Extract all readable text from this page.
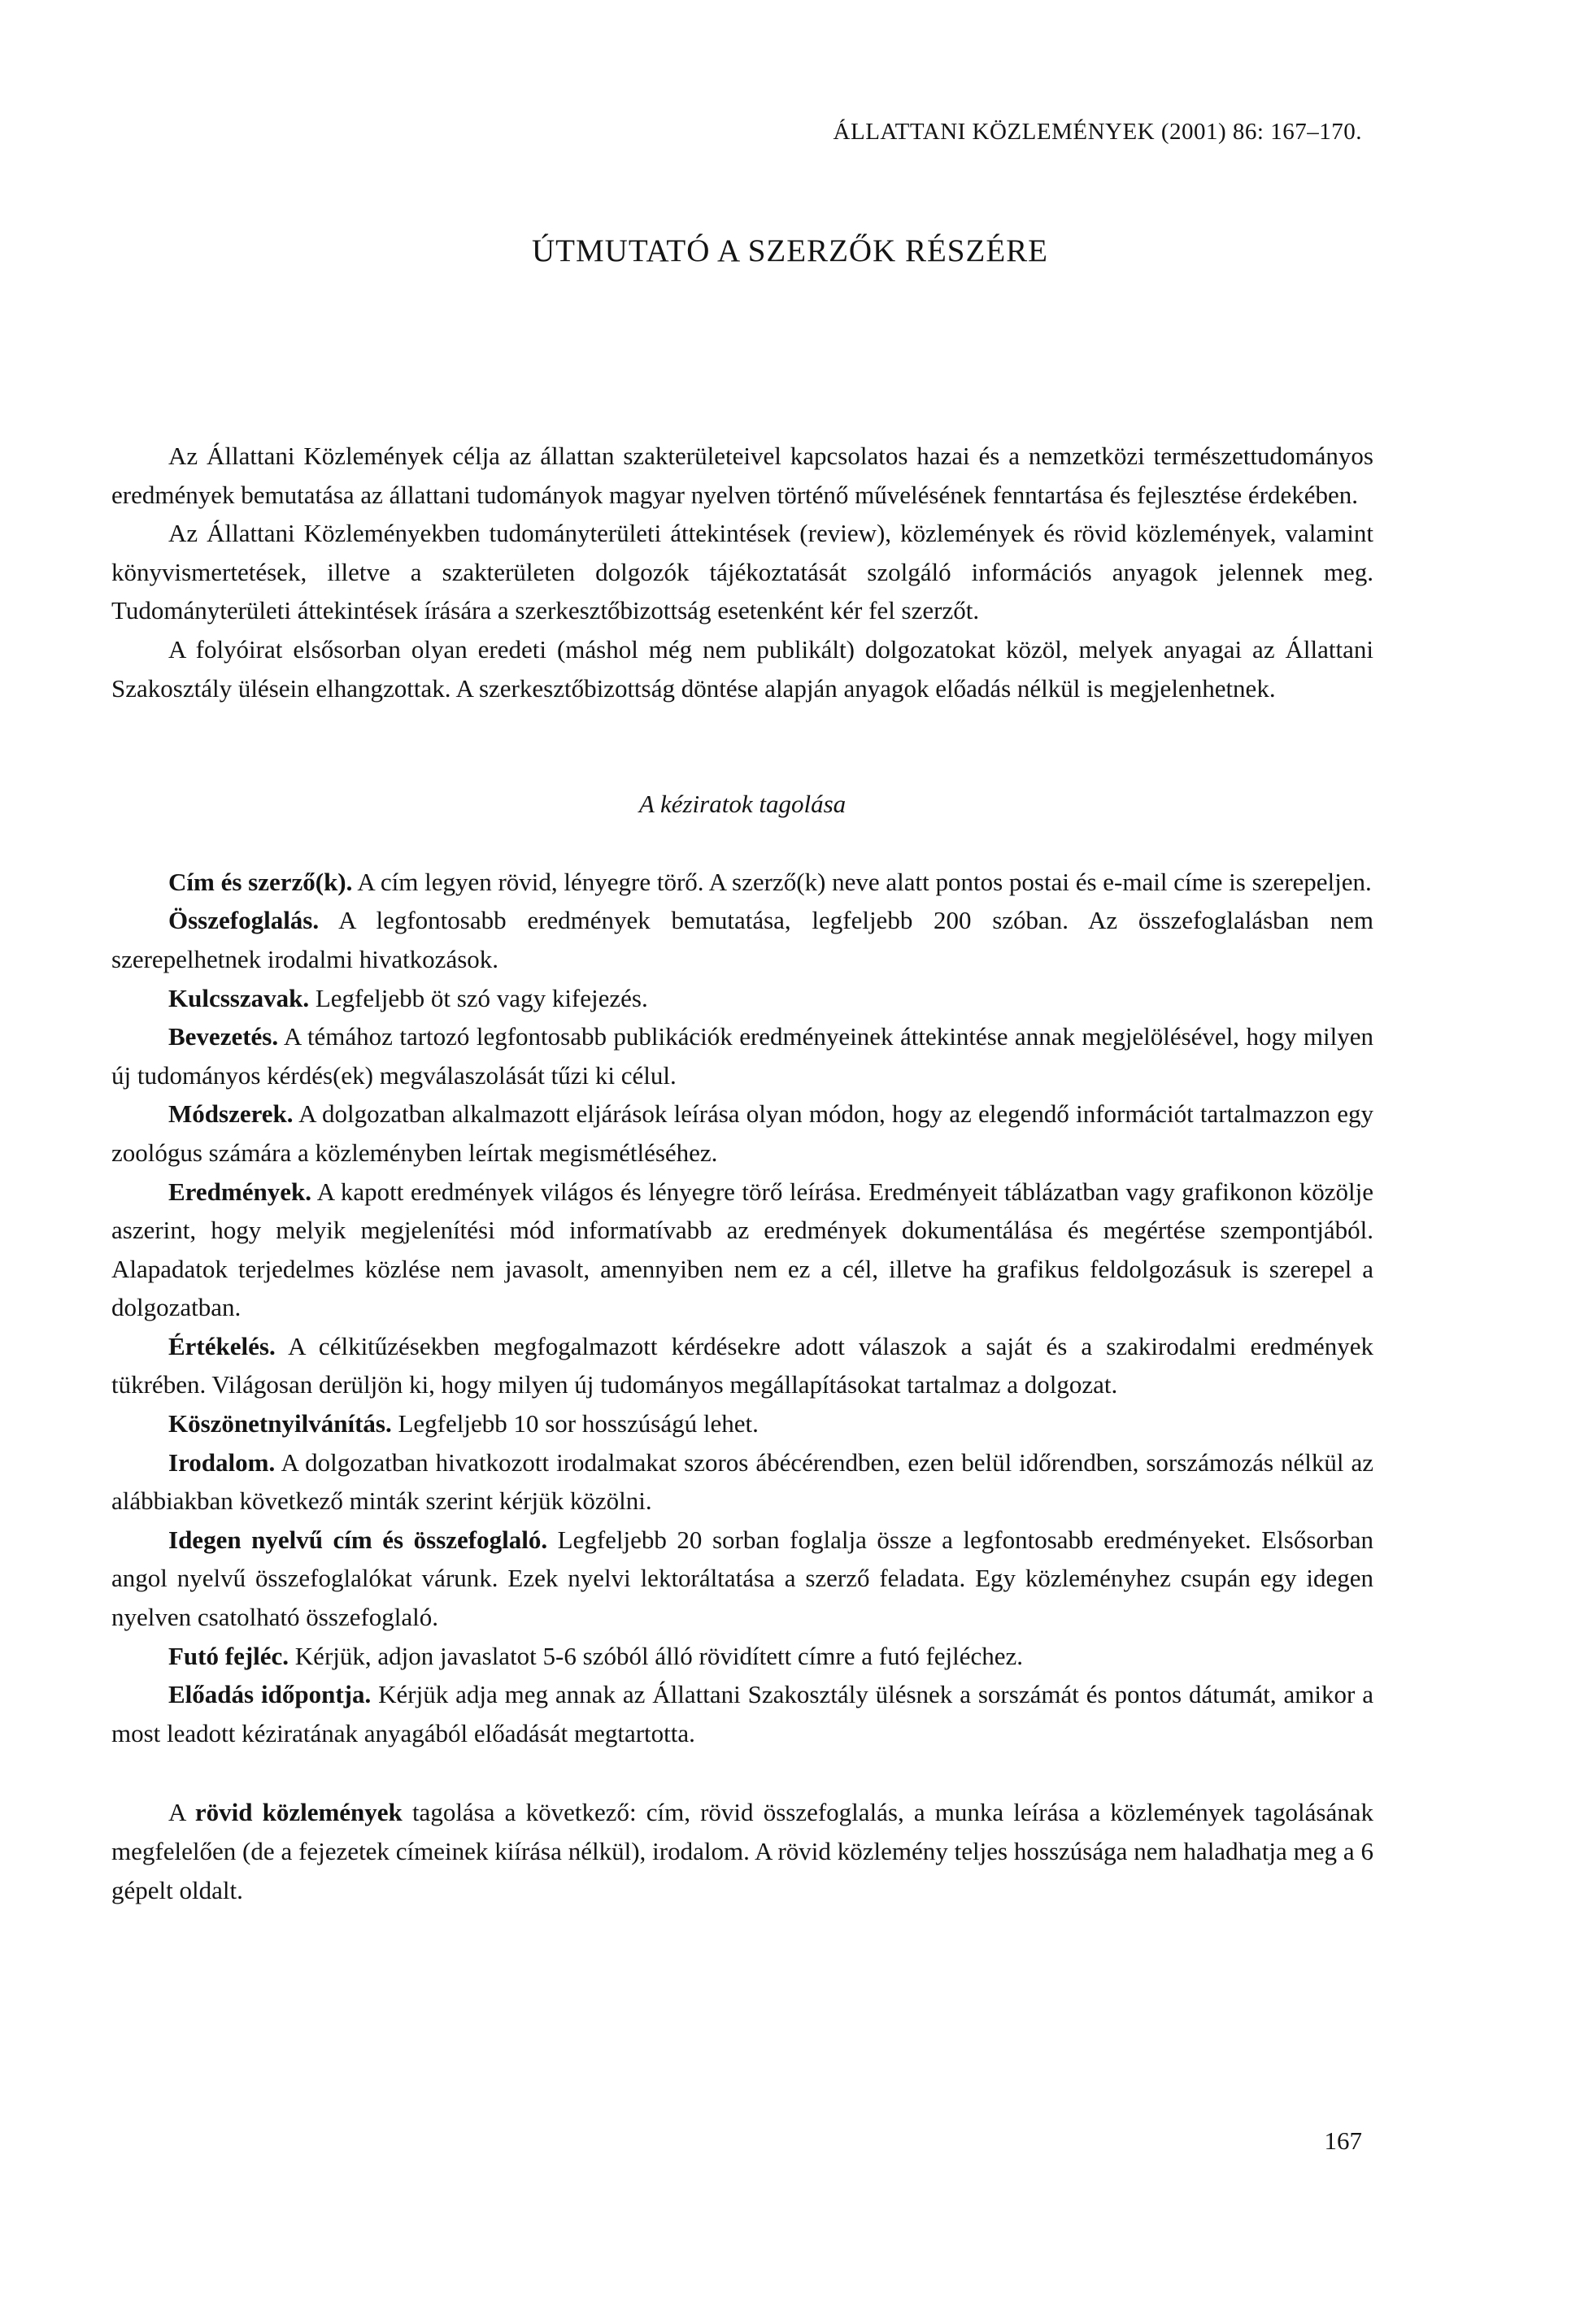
ÁLLATTANI KÖZLEMÉNYEK (2001) 86: 167–170.
ÚTMUTATÓ A SZERZŐK RÉSZÉRE

Az Állattani Közlemények célja az állattan szakterületeivel kapcsolatos hazai és a nemzetközi természettudományos eredmények bemutatása az állattani tudományok magyar nyelven történő művelésének fenntartása és fejlesztése érdekében.

Az Állattani Közleményekben tudományterületi áttekintések (review), közlemények és rövid közlemények, valamint könyvismertetések, illetve a szakterületen dolgozók tájékoztatását szolgáló információs anyagok jelennek meg. Tudományterületi áttekintések írására a szerkesztőbizottság esetenként kér fel szerzőt.

A folyóirat elsősorban olyan eredeti (máshol még nem publikált) dolgozatokat közöl, melyek anyagai az Állattani Szakosztály ülésein elhangzottak. A szerkesztőbizottság döntése alapján anyagok előadás nélkül is megjelenhetnek.

A kéziratok tagolása

Cím és szerző(k). A cím legyen rövid, lényegre törő. A szerző(k) neve alatt pontos postai és e-mail címe is szerepeljen.

Összefoglalás. A legfontosabb eredmények bemutatása, legfeljebb 200 szóban. Az összefoglalásban nem szerepelhetnek irodalmi hivatkozások.

Kulcsszavak. Legfeljebb öt szó vagy kifejezés.

Bevezetés. A témához tartozó legfontosabb publikációk eredményeinek áttekintése annak megjelölésével, hogy milyen új tudományos kérdés(ek) megválaszolását tűzi ki célul.

Módszerek. A dolgozatban alkalmazott eljárások leírása olyan módon, hogy az elegendő információt tartalmazzon egy zoológus számára a közleményben leírtak megismétléséhez.

Eredmények. A kapott eredmények világos és lényegre törő leírása. Eredményeit táblázatban vagy grafikonon közölje aszerint, hogy melyik megjelenítési mód informatívabb az eredmények dokumentálása és megértése szempontjából. Alapadatok terjedelmes közlése nem javasolt, amennyiben nem ez a cél, illetve ha grafikus feldolgozásuk is szerepel a dolgozatban.

Értékelés. A célkitűzésekben megfogalmazott kérdésekre adott válaszok a saját és a szakirodalmi eredmények tükrében. Világosan derüljön ki, hogy milyen új tudományos megállapításokat tartalmaz a dolgozat.

Köszönetnyilvánítás. Legfeljebb 10 sor hosszúságú lehet.

Irodalom. A dolgozatban hivatkozott irodalmakat szoros ábécérendben, ezen belül időrendben, sorszámozás nélkül az alábbiakban következő minták szerint kérjük közölni.

Idegen nyelvű cím és összefoglaló. Legfeljebb 20 sorban foglalja össze a legfontosabb eredményeket. Elsősorban angol nyelvű összefoglalókat várunk. Ezek nyelvi lektoráltatása a szerző feladata. Egy közleményhez csupán egy idegen nyelven csatolható összefoglaló.

Futó fejléc. Kérjük, adjon javaslatot 5-6 szóból álló rövidített címre a futó fejléchez.

Előadás időpontja. Kérjük adja meg annak az Állattani Szakosztály ülésnek a sorszámát és pontos dátumát, amikor a most leadott kéziratának anyagából előadását megtartotta.

A rövid közlemények tagolása a következő: cím, rövid összefoglalás, a munka leírása a közlemények tagolásának megfelelően (de a fejezetek címeinek kiírása nélkül), irodalom. A rövid közlemény teljes hosszúsága nem haladhatja meg a 6 gépelt oldalt.

167
